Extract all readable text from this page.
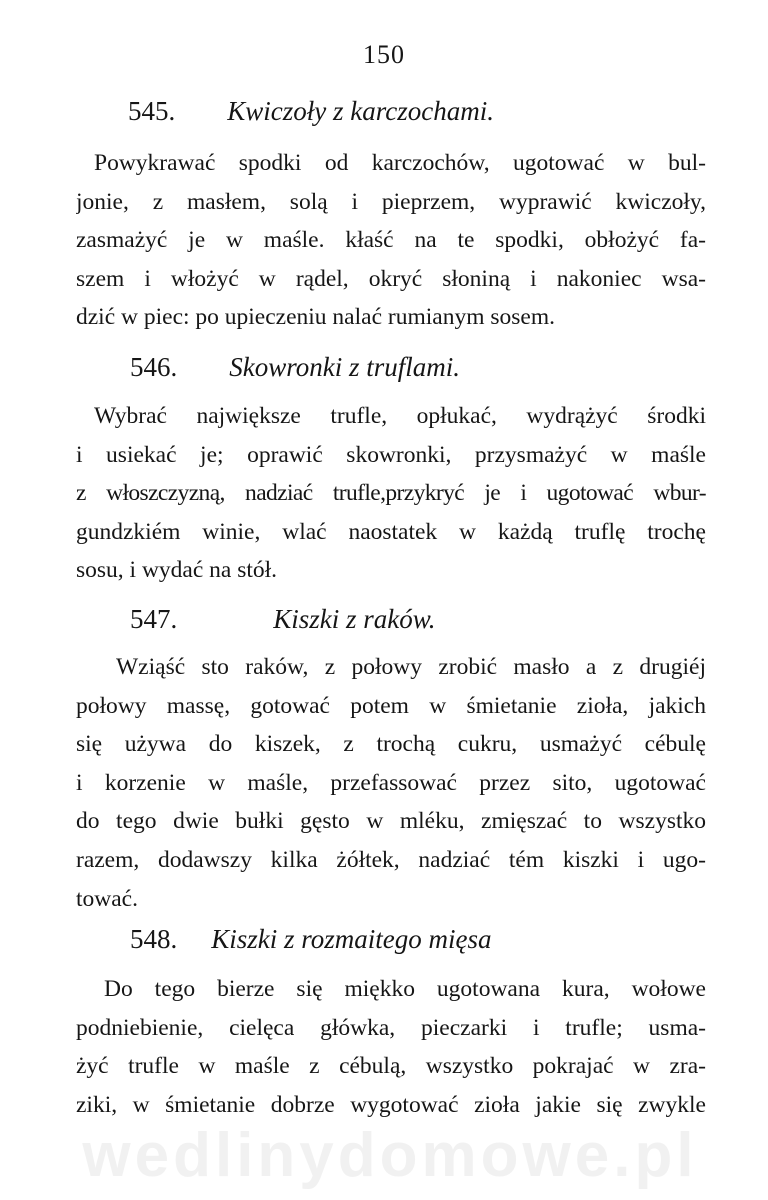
150
545. Kwiczoły z karczochami.
Powykrawać spodki od karczochów, ugotować w bul-
jonie, z masłem, solą i pieprzem, wyprawić kwiczoły,
zasmażyć je w maśle. kłaść na te spodki, obłożyć fa-
szem i włożyć w rądel, okryć słoniną i nakoniec wsa-
dzić w piec: po upieczeniu nalać rumianym sosem.
546. Skowronki z truflami.
Wybrać największe trufle, opłukać, wydrążyć środki
i usiekać je; oprawić skowronki, przysmażyć w maśle
z włoszczyzną, nadziać trufle,przykryć je i ugotować wbur-
gundzkiém winie, wlać naostatek w każdą truflę trochę
sosu, i wydać na stół.
547.	Kiszki z raków.
Wziąść sto raków, z połowy zrobić masło a z drugiéj
połowy massę, gotować potem w śmietanie zioła, jakich
się używa do kiszek, z trochą cukru, usmażyć cébulę
i korzenie w maśle, przefassować przez sito, ugotować
do tego dwie bułki gęsto w mléku, zmięszać to wszystko
razem, dodawszy kilka żółtek, nadziać tém kiszki i ugo-
tować.
548. Kiszki z rozmaitego mięsa
Do tego bierze się miękko ugotowana kura, wołowe
podniebienie, cielęca główka, pieczarki i trufle; usma-
żyć trufle w maśle z cébulą, wszystko pokrajać w zra-
ziki, w śmietanie dobrze wygotować zioła jakie się zwykle
wedlinydomowe.pl
